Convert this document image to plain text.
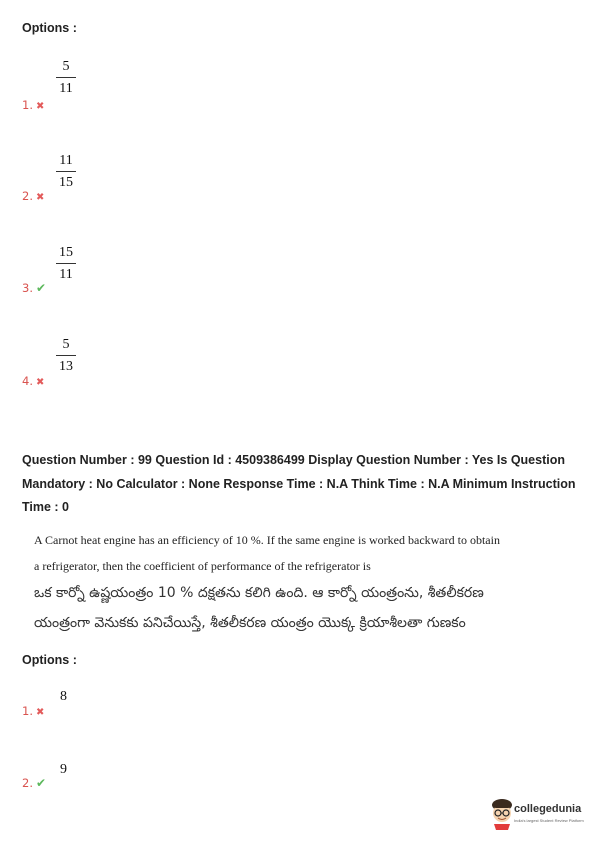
Options :
5
11
1. ✖
11
15
2. ✖
15
11
3. ✔
5
13
4. ✖
Question Number : 99 Question Id : 4509386499 Display Question Number : Yes Is Question
Mandatory : No Calculator : None Response Time : N.A Think Time : N.A Minimum Instruction
Time : 0
A Carnot heat engine has an efficiency of 10 %. If the same engine is worked backward to obtain
a refrigerator, then the coefficient of performance of the refrigerator is
ఒక కార్నో ఉష్ణయంత్రం 10 % దక్షతను కలిగి ఉంది. ఆ కార్నో యంత్రంను, శీతలీకరణ
యంత్రంగా వెనుకకు పనిచేయిస్తే, శీతలీకరణ యంత్రం యొక్క క్రియాశీలతా గుణకం
Options :
8
1. ✖
9
2. ✔
collegedunia
India's largest Student Review Platform
